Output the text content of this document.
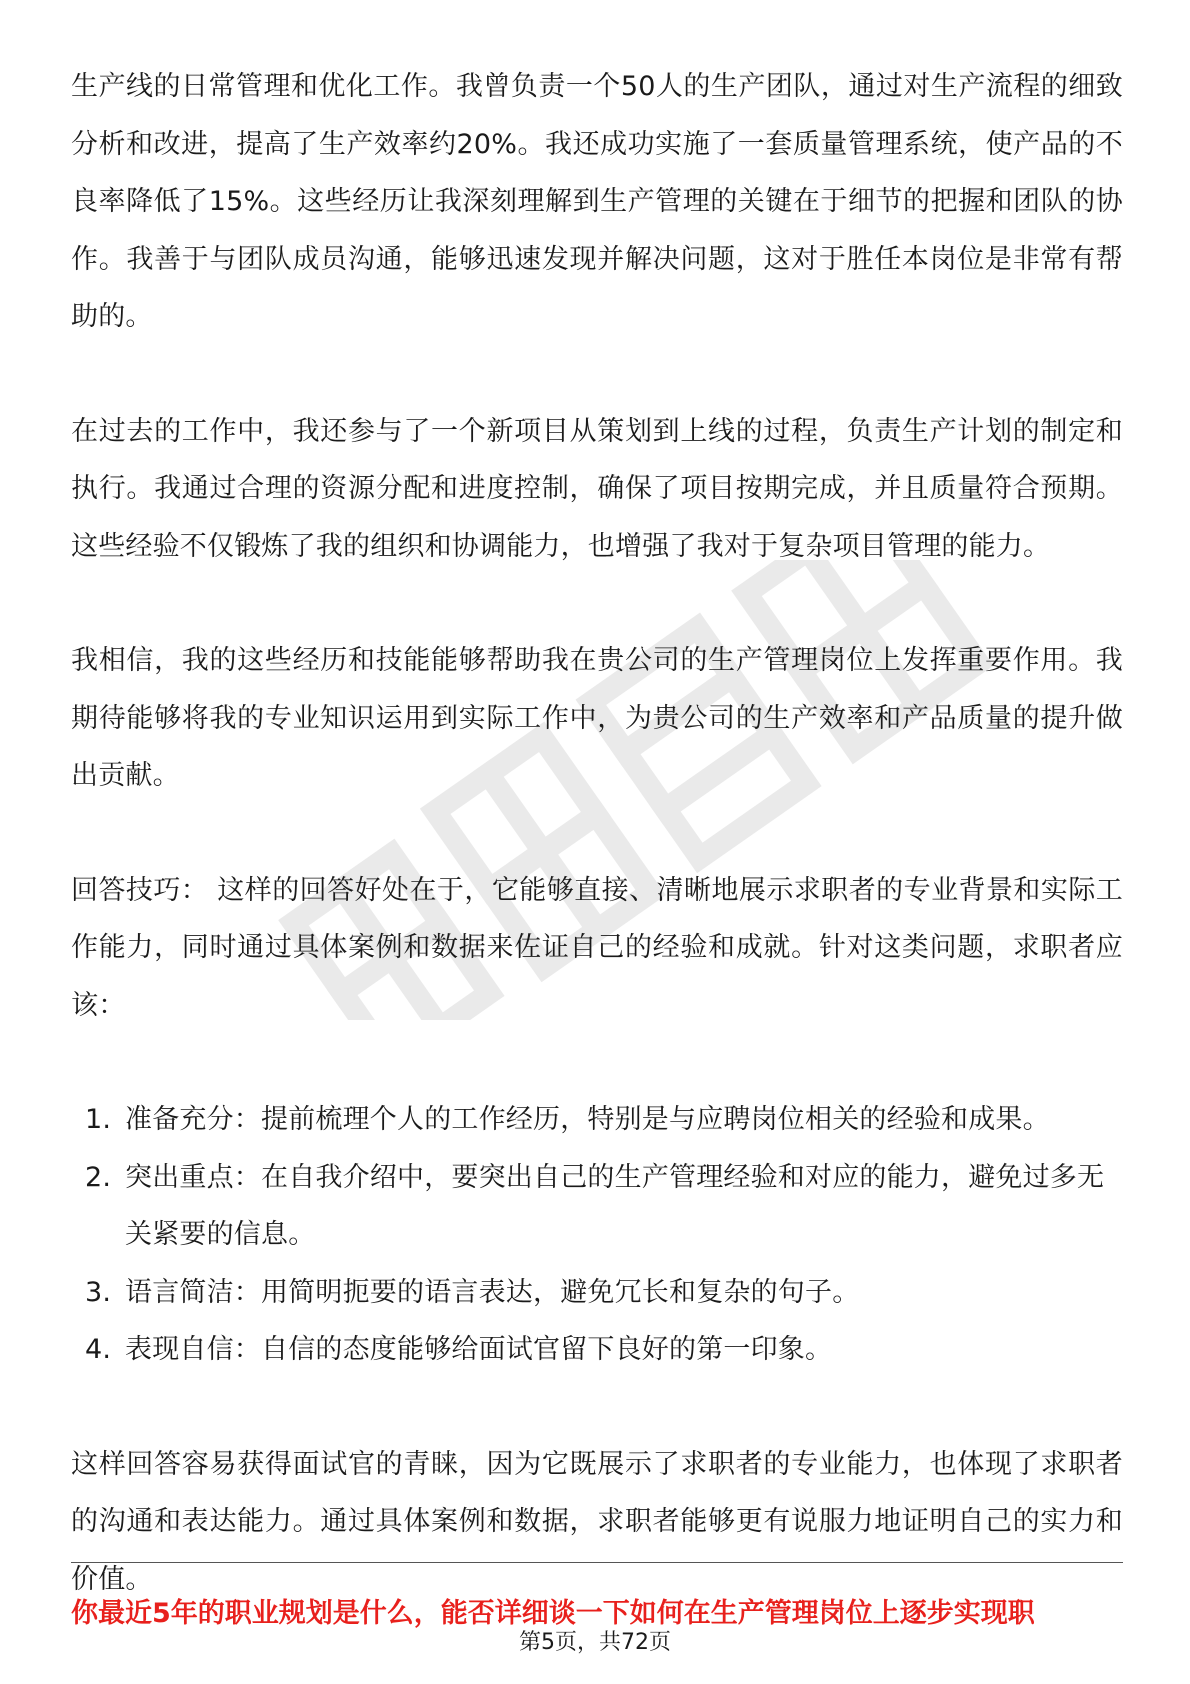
生产线的日常管理和优化工作。我曾负责一个50人的生产团队，通过对生产流程的细致分析和改进，提高了生产效率约20%。我还成功实施了一套质量管理系统，使产品的不良率降低了15%。这些经历让我深刻理解到生产管理的关键在于细节的把握和团队的协作。我善于与团队成员沟通，能够迅速发现并解决问题，这对于胜任本岗位是非常有帮助的。

在过去的工作中，我还参与了一个新项目从策划到上线的过程，负责生产计划的制定和执行。我通过合理的资源分配和进度控制，确保了项目按期完成，并且质量符合预期。这些经验不仅锻炼了我的组织和协调能力，也增强了我对于复杂项目管理的能力。

我相信，我的这些经历和技能能够帮助我在贵公司的生产管理岗位上发挥重要作用。我期待能够将我的专业知识运用到实际工作中，为贵公司的生产效率和产品质量的提升做出贡献。

回答技巧： 这样的回答好处在于，它能够直接、清晰地展示求职者的专业背景和实际工作能力，同时通过具体案例和数据来佐证自己的经验和成就。针对这类问题，求职者应该：

1. 准备充分：提前梳理个人的工作经历，特别是与应聘岗位相关的经验和成果。
2. 突出重点：在自我介绍中，要突出自己的生产管理经验和对应的能力，避免过多无关紧要的信息。
3. 语言简洁：用简明扼要的语言表达，避免冗长和复杂的句子。
4. 表现自信：自信的态度能够给面试官留下良好的第一印象。

这样回答容易获得面试官的青睐，因为它既展示了求职者的专业能力，也体现了求职者的沟通和表达能力。通过具体案例和数据，求职者能够更有说服力地证明自己的实力和价值。

你最近5年的职业规划是什么，能否详细谈一下如何在生产管理岗位上逐步实现职
第5页，共72页
